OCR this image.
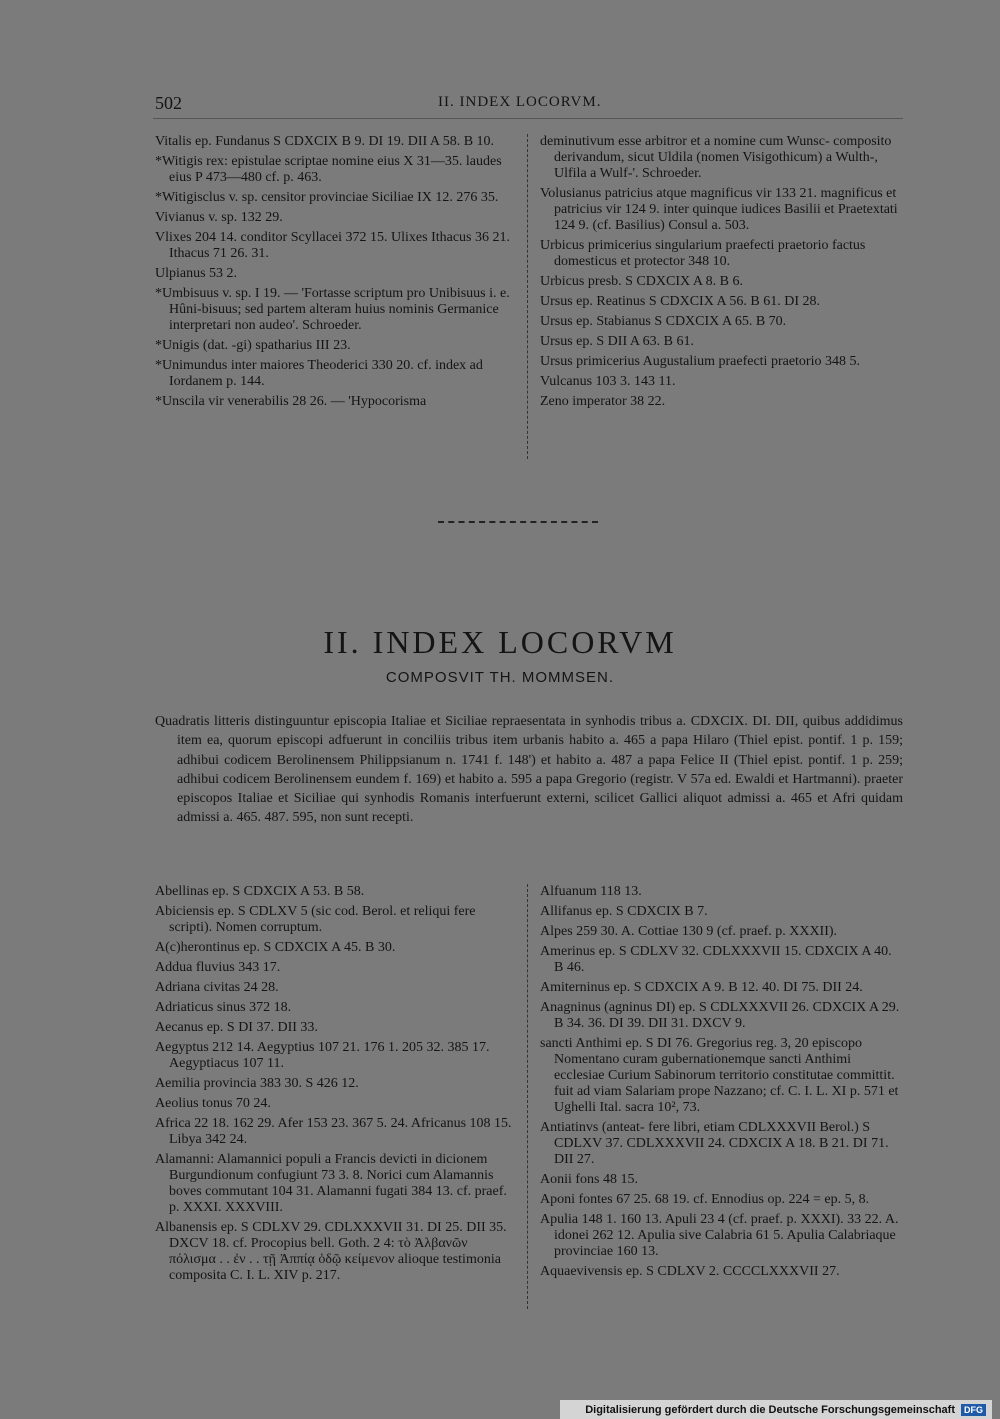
502	II. INDEX LOCORVM.

Vitalis ep. Fundanus S CDXCIX B 9. DI 19. DII A 58. B 10.

*Witigis rex: epistulae scriptae nomine eius X 31—35. laudes eius P 473—480 cf. p. 463.

*Witigisclus v. sp. censitor provinciae Siciliae IX 12. 276 35.

Vivianus v. sp. 132 29.

Vlixes 204 14. conditor Scyllacei 372 15. Ulixes Ithacus 36 21. Ithacus 71 26. 31.

Ulpianus 53 2.

*Umbisuus v. sp. I 19. — 'Fortasse scriptum pro Unibisuus i. e. Hûni-bisuus; sed partem alteram huius nominis Germanice interpretari non audeo'. Schroeder.

*Unigis (dat. -gi) spatharius III 23.

*Unimundus inter maiores Theoderici 330 20. cf. index ad Iordanem p. 144.

*Unscila vir venerabilis 28 26. — 'Hypocorisma

deminutivum esse arbitror et a nomine cum Wunsc- composito derivandum, sicut Uldila (nomen Visigothicum) a Wulth-, Ulfila a Wulf-'. Schroeder.

Volusianus patricius atque magnificus vir 133 21. magnificus et patricius vir 124 9. inter quinque iudices Basilii et Praetextati 124 9. (cf. Basilius) Consul a. 503.

Urbicus primicerius singularium praefecti praetorio factus domesticus et protector 348 10.

Urbicus presb. S CDXCIX A 8. B 6.

Ursus ep. Reatinus S CDXCIX A 56. B 61. DI 28.

Ursus ep. Stabianus S CDXCIX A 65. B 70.

Ursus ep. S DII A 63. B 61.

Ursus primicerius Augustalium praefecti praetorio 348 5.

Vulcanus 103 3. 143 11.

Zeno imperator 38 22.

II. INDEX LOCORVM
COMPOSVIT TH. MOMMSEN.
Quadratis litteris distinguuntur episcopia Italiae et Siciliae repraesentata in synhodis tribus a. CDXCIX. DI. DII, quibus addidimus item ea, quorum episcopi adfuerunt in conciliis tribus item urbanis habito a. 465 a papa Hilaro (Thiel epist. pontif. 1 p. 159; adhibui codicem Berolinensem Philippsianum n. 1741 f. 148') et habito a. 487 a papa Felice II (Thiel epist. pontif. 1 p. 259; adhibui codicem Berolinensem eundem f. 169) et habito a. 595 a papa Gregorio (registr. V 57a ed. Ewaldi et Hartmanni). praeter episcopos Italiae et Siciliae qui synhodis Romanis interfuerunt externi, scilicet Gallici aliquot admissi a. 465 et Afri quidam admissi a. 465. 487. 595, non sunt recepti.

Abellinas ep. S CDXCIX A 53. B 58.

Abiciensis ep. S CDLXV 5 (sic cod. Berol. et reliqui fere scripti). Nomen corruptum.

A(c)herontinus ep. S CDXCIX A 45. B 30.

Addua fluvius 343 17.

Adriana civitas 24 28.

Adriaticus sinus 372 18.

Aecanus ep. S DI 37. DII 33.

Aegyptus 212 14. Aegyptius 107 21. 176 1. 205 32. 385 17. Aegyptiacus 107 11.

Aemilia provincia 383 30. S 426 12.

Aeolius tonus 70 24.

Africa 22 18. 162 29. Afer 153 23. 367 5. 24. Africanus 108 15. Libya 342 24.

Alamanni: Alamannici populi a Francis devicti in dicionem Burgundionum confugiunt 73 3. 8. Norici cum Alamannis boves commutant 104 31. Alamanni fugati 384 13. cf. praef. p. XXXI. XXXVIII.

Albanensis ep. S CDLXV 29. CDLXXXVII 31. DI 25. DII 35. DXCV 18. cf. Procopius bell. Goth. 2 4: τὸ Ἀλβανῶν πόλισμα . . ἐν . . τῇ Ἀππίᾳ ὁδῷ κείμενον alioque testimonia composita C. I. L. XIV p. 217.

Alfuanum 118 13.

Allifanus ep. S CDXCIX B 7.

Alpes 259 30. A. Cottiae 130 9 (cf. praef. p. XXXII).

Amerinus ep. S CDLXV 32. CDLXXXVII 15. CDXCIX A 40. B 46.

Amiterninus ep. S CDXCIX A 9. B 12. 40. DI 75. DII 24.

Anagninus (agninus DI) ep. S CDLXXXVII 26. CDXCIX A 29. B 34. 36. DI 39. DII 31. DXCV 9.

sancti Anthimi ep. S DI 76. Gregorius reg. 3, 20 episcopo Nomentano curam gubernationemque sancti Anthimi ecclesiae Curium Sabinorum territorio constitutae committit. fuit ad viam Salariam prope Nazzano; cf. C. I. L. XI p. 571 et Ughelli Ital. sacra 10², 73.

Antiatinvs (anteat- fere libri, etiam CDLXXXVII Berol.) S CDLXV 37. CDLXXXVII 24. CDXCIX A 18. B 21. DI 71. DII 27.

Aonii fons 48 15.

Aponi fontes 67 25. 68 19. cf. Ennodius op. 224 = ep. 5, 8.

Apulia 148 1. 160 13. Apuli 23 4 (cf. praef. p. XXXI). 33 22. A. idonei 262 12. Apulia sive Calabria 61 5. Apulia Calabriaque provinciae 160 13.

Aquaevivensis ep. S CDLXV 2. CCCCLXXXVII 27.

Digitalisierung gefördert durch die Deutsche Forschungsgemeinschaft	DFG
